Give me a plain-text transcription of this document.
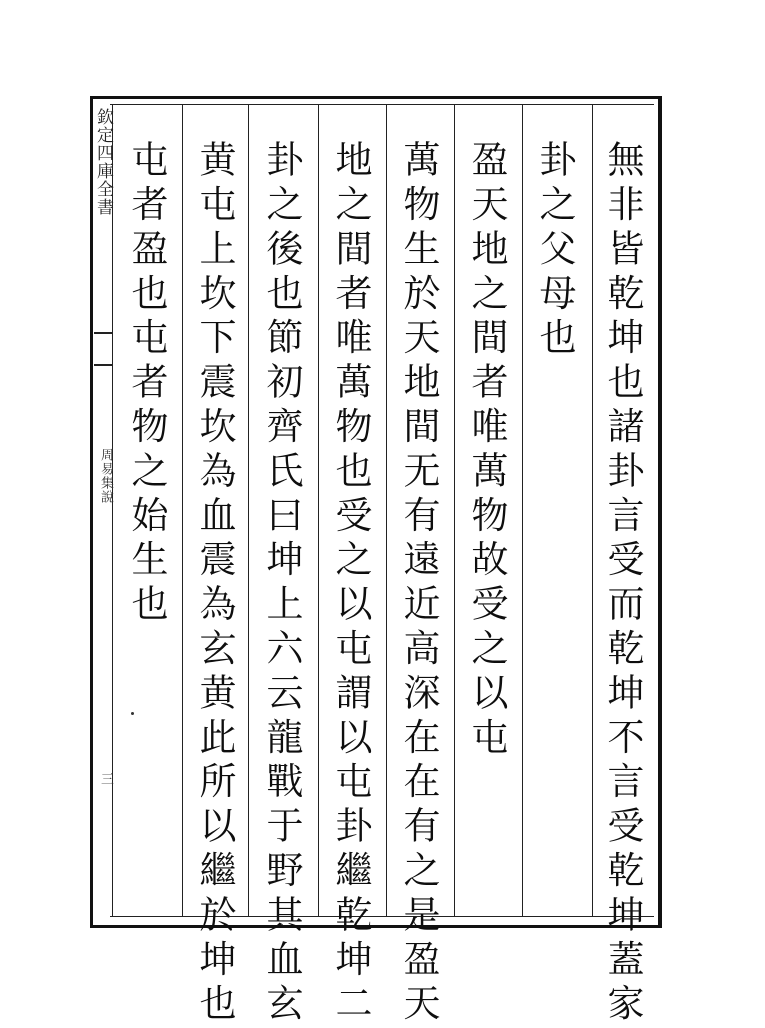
欽定四庫全書
周易集說
三	無非皆乾坤也諸卦言受而乾坤不言受乾坤蓋家
卦之父母也
盈天地之間者唯萬物故受之以屯
萬物生於天地間无有遠近高深在在有之是盈天
地之間者唯萬物也受之以屯謂以屯卦繼乾坤二
卦之後也節初齊氏曰坤上六云龍戰于野其血玄
黄屯上坎下震坎為血震為玄黄此所以繼於坤也
屯者盈也屯者物之始生也
